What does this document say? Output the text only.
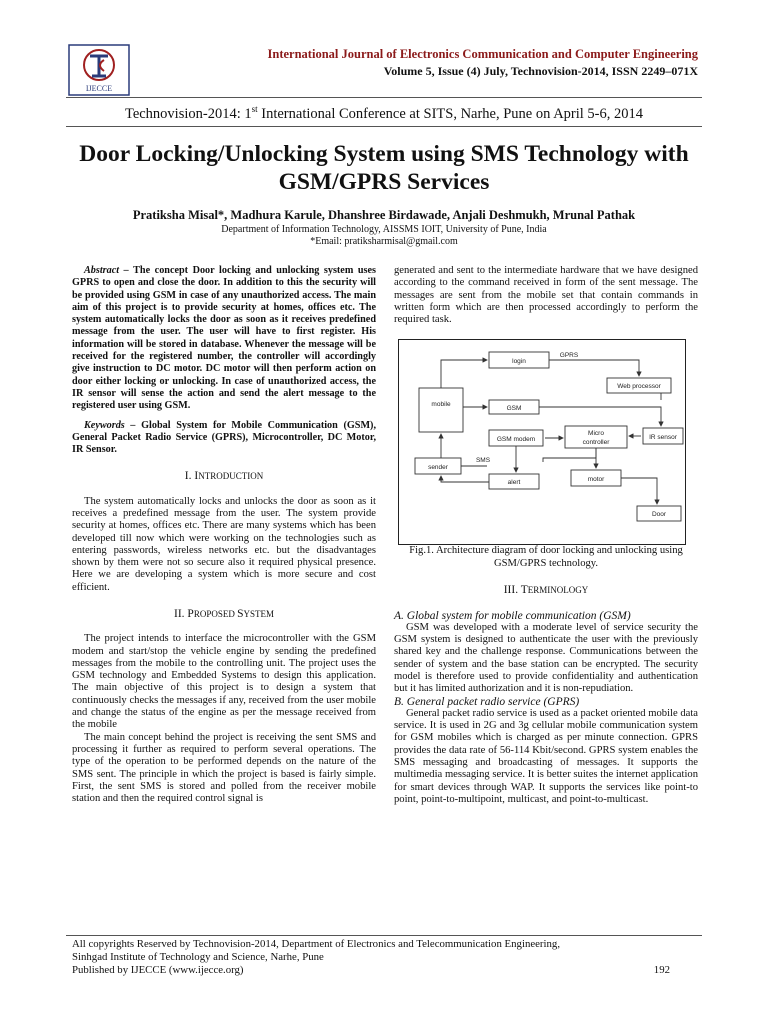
IJECCE
International Journal of Electronics Communication and Computer Engineering
Volume 5, Issue (4) July, Technovision-2014, ISSN 2249–071X
Technovision-2014: 1st International Conference at SITS, Narhe, Pune on April 5-6, 2014
Door Locking/Unlocking System using SMS Technology with GSM/GPRS Services
Pratiksha Misal*, Madhura Karule, Dhanshree Birdawade, Anjali Deshmukh, Mrunal Pathak
Department of Information Technology, AISSMS IOIT, University of Pune, India
*Email: pratiksharmisal@gmail.com

Abstract – The concept Door locking and unlocking system uses GPRS to open and close the door. In addition to this the security will be provided using GSM in case of any unauthorized access. The main aim of this project is to provide security at homes, offices etc. The system automatically locks the door as soon as it receives predefined message from the user. The user will have to first register. His information will be stored in database. Whenever the message will be received for the registered number, the controller will accordingly give instruction to DC motor. DC motor will then perform action on door either locking or unlocking. In case of unauthorized access, the IR sensor will sense the action and send the alert message to the registered user using GSM.

Keywords – Global System for Mobile Communication (GSM), General Packet Radio Service (GPRS), Microcontroller, DC Motor, IR Sensor.

I. INTRODUCTION

The system automatically locks and unlocks the door as soon as it receives a predefined message from the user. The system provide security at homes, offices etc. There are many systems which has been developed till now which were working on the technologies such as entering passwords, wireless networks etc. but the disadvantages shown by them were not so secure also it required physical presence. Here we are developing a system which is more secure and cost efficient.

II. PROPOSED SYSTEM

The project intends to interface the microcontroller with the GSM modem and start/stop the vehicle engine by sending the predefined messages from the mobile to the controlling unit. The project uses the GSM technology and Embedded Systems to design this application. The main objective of this project is to design a system that continuously checks the messages if any, received from the user mobile and change the status of the engine as per the message received from the mobile

The main concept behind the project is receiving the sent SMS and processing it further as required to perform several operations. The type of the operation to be performed depends on the nature of the SMS sent. The principle in which the project is based is fairly simple. First, the sent SMS is stored and polled from the receiver mobile station and then the required control signal is

generated and sent to the intermediate hardware that we have designed according to the command received in form of the sent message. The messages are sent from the mobile set that contain commands in written form which are then processed accordingly to perform the required task.

login
GPRS
Web processor
mobile
GSM
GSM modem
Micro
controller
IR sensor
sender
SMS
alert	motor
Door

Fig.1. Architecture diagram of door locking and unlocking using GSM/GPRS technology.

III. TERMINOLOGY

A. Global system for mobile communication (GSM)

GSM was developed with a moderate level of service security the GSM system is designed to authenticate the user with the previously shared key and the challenge response. Communications between the sender of system and the base station can be encrypted. The security model is therefore used to provide confidentiality and authentication but it has limited authorization and it is non-repudiation.

B. General packet radio service (GPRS)

General packet radio service is used as a packet oriented mobile data service. It is used in 2G and 3g cellular mobile communication system for GSM mobiles which is charged as per minute connection. GPRS provides the data rate of 56-114 Kbit/second. GPRS system enables the SMS messaging and broadcasting of messages. It supports the multimedia messaging service. It is better suites the internet application for smart devices through WAP. It supports the services like point-to point, point-to-multipoint, multicast, and point-to-multicast.

All copyrights Reserved by Technovision-2014, Department of Electronics and Telecommunication Engineering,
Sinhgad Institute of Technology and Science, Narhe, Pune
Published by IJECCE (www.ijecce.org)	192
